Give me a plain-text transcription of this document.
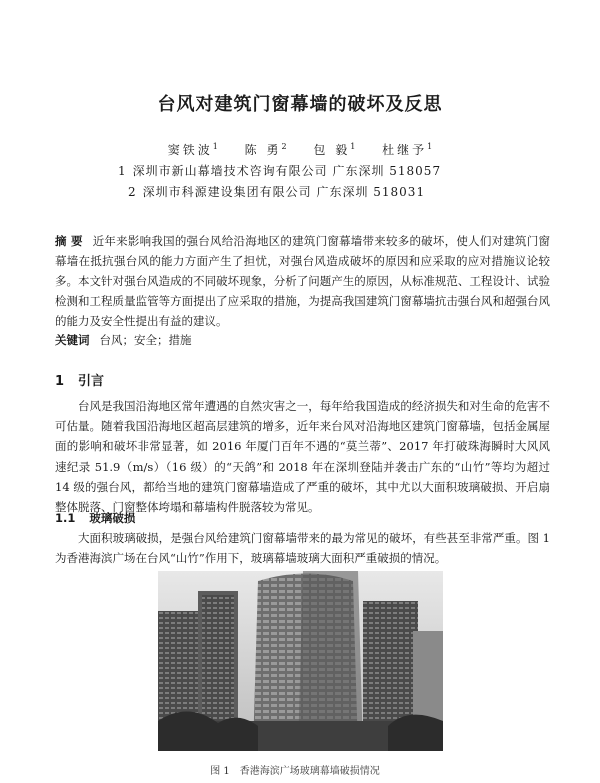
台风对建筑门窗幕墙的破坏及反思
窦铁波$^1$ 陈 勇$^2$ 包 毅$^1$ 杜继予$^1$
1 深圳市新山幕墙技术咨询有限公司 广东深圳 518057
2 深圳市科源建设集团有限公司 广东深圳 518031
摘 要 近年来影响我国的强台风给沿海地区的建筑门窗幕墙带来较多的破坏，使人们对建筑门窗幕墙在抵抗强台风的能力方面产生了担忧，对强台风造成破坏的原因和应采取的应对措施议论较多。本文针对强台风造成的不同破坏现象，分析了问题产生的原因，从标准规范、工程设计、试验检测和工程质量监管等方面提出了应采取的措施，为提高我国建筑门窗幕墙抗击强台风和超强台风的能力及安全性提出有益的建议。
关键词 台风；安全；措施
1 引言
台风是我国沿海地区常年遭遇的自然灾害之一，每年给我国造成的经济损失和对生命的危害不可估量。随着我国沿海地区超高层建筑的增多，近年来台风对沿海地区建筑门窗幕墙，包括金属屋面的影响和破坏非常显著，如 2016 年厦门百年不遇的“莫兰蒂”、2017 年打破珠海瞬时大风风速纪录 51.9（m/s）（16 级）的“天鸽”和 2018 年在深圳登陆并袭击广东的“山竹”等均为超过 14 级的强台风，都给当地的建筑门窗幕墙造成了严重的破坏，其中尤以大面积玻璃破损、开启扇整体脱落、门窗整体垮塌和幕墙构件脱落较为常见。
1.1 玻璃破损
大面积玻璃破损，是强台风给建筑门窗幕墙带来的最为常见的破坏，有些甚至非常严重。图 1 为香港海滨广场在台风“山竹”作用下，玻璃幕墙玻璃大面积严重破损的情况。
图 1 香港海滨广场玻璃幕墙破损情况
